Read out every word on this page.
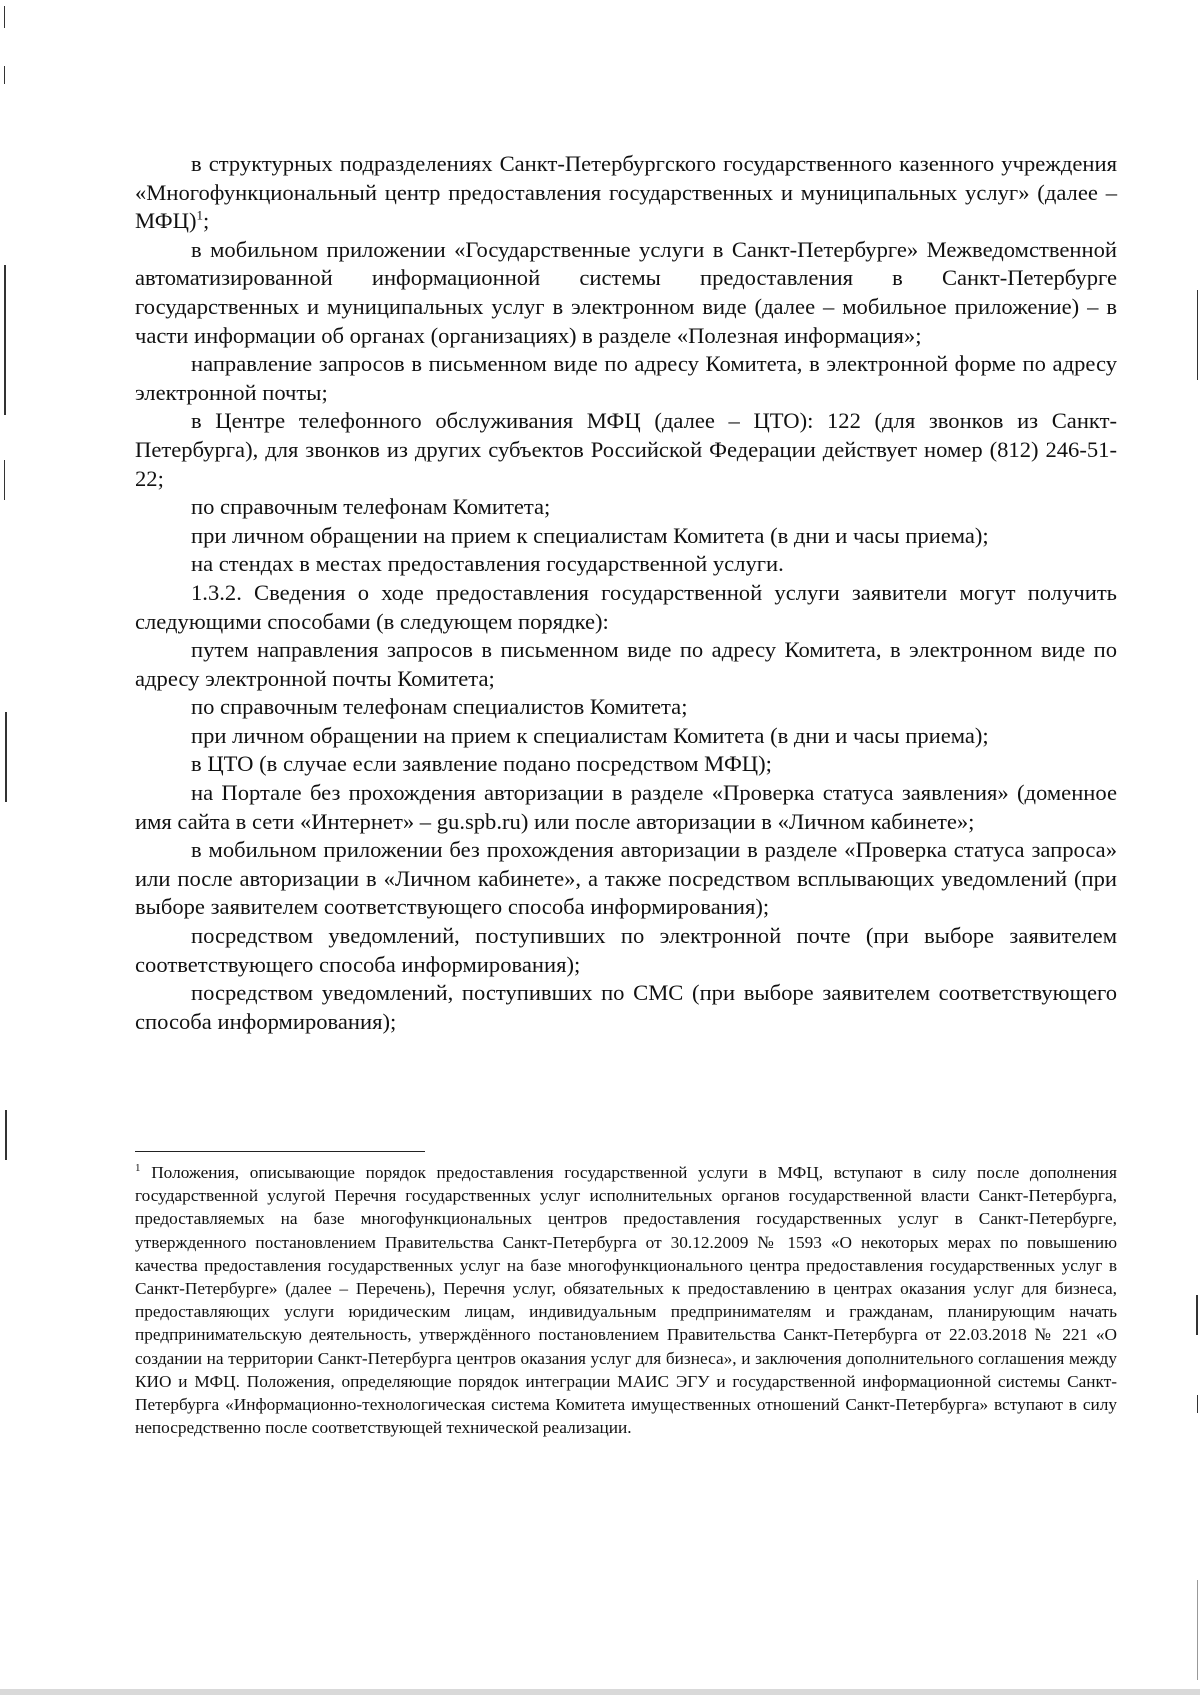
в структурных подразделениях Санкт-Петербургского государственного казенного учреждения «Многофункциональный центр предоставления государственных и муниципальных услуг» (далее – МФЦ)$^1$;

в мобильном приложении «Государственные услуги в Санкт-Петербурге» Межведомственной автоматизированной информационной системы предоставления в Санкт-Петербурге государственных и муниципальных услуг в электронном виде (далее – мобильное приложение) – в части информации об органах (организациях) в разделе «Полезная информация»;

направление запросов в письменном виде по адресу Комитета, в электронной форме по адресу электронной почты;

в Центре телефонного обслуживания МФЦ (далее – ЦТО): 122 (для звонков из Санкт-Петербурга), для звонков из других субъектов Российской Федерации действует номер (812) 246-51-22;

по справочным телефонам Комитета;

при личном обращении на прием к специалистам Комитета (в дни и часы приема);

на стендах в местах предоставления государственной услуги.

1.3.2. Сведения о ходе предоставления государственной услуги заявители могут получить следующими способами (в следующем порядке):

путем направления запросов в письменном виде по адресу Комитета, в электронном виде по адресу электронной почты Комитета;

по справочным телефонам специалистов Комитета;

при личном обращении на прием к специалистам Комитета (в дни и часы приема);

в ЦТО (в случае если заявление подано посредством МФЦ);

на Портале без прохождения авторизации в разделе «Проверка статуса заявления» (доменное имя сайта в сети «Интернет» – gu.spb.ru) или после авторизации в «Личном кабинете»;

в мобильном приложении без прохождения авторизации в разделе «Проверка статуса запроса» или после авторизации в «Личном кабинете», а также посредством всплывающих уведомлений (при выборе заявителем соответствующего способа информирования);

посредством уведомлений, поступивших по электронной почте (при выборе заявителем соответствующего способа информирования);

посредством уведомлений, поступивших по СМС (при выборе заявителем соответствующего способа информирования);

$^1$ Положения, описывающие порядок предоставления государственной услуги в МФЦ, вступают в силу после дополнения государственной услугой Перечня государственных услуг исполнительных органов государственной власти Санкт-Петербурга, предоставляемых на базе многофункциональных центров предоставления государственных услуг в Санкт-Петербурге, утвержденного постановлением Правительства Санкт-Петербурга от 30.12.2009 № 1593 «О некоторых мерах по повышению качества предоставления государственных услуг на базе многофункционального центра предоставления государственных услуг в Санкт-Петербурге» (далее – Перечень), Перечня услуг, обязательных к предоставлению в центрах оказания услуг для бизнеса, предоставляющих услуги юридическим лицам, индивидуальным предпринимателям и гражданам, планирующим начать предпринимательскую деятельность, утверждённого постановлением Правительства Санкт-Петербурга от 22.03.2018 № 221 «О создании на территории Санкт-Петербурга центров оказания услуг для бизнеса», и заключения дополнительного соглашения между КИО и МФЦ. Положения, определяющие порядок интеграции МАИС ЭГУ и государственной информационной системы Санкт-Петербурга «Информационно-технологическая система Комитета имущественных отношений Санкт-Петербурга» вступают в силу непосредственно после соответствующей технической реализации.
